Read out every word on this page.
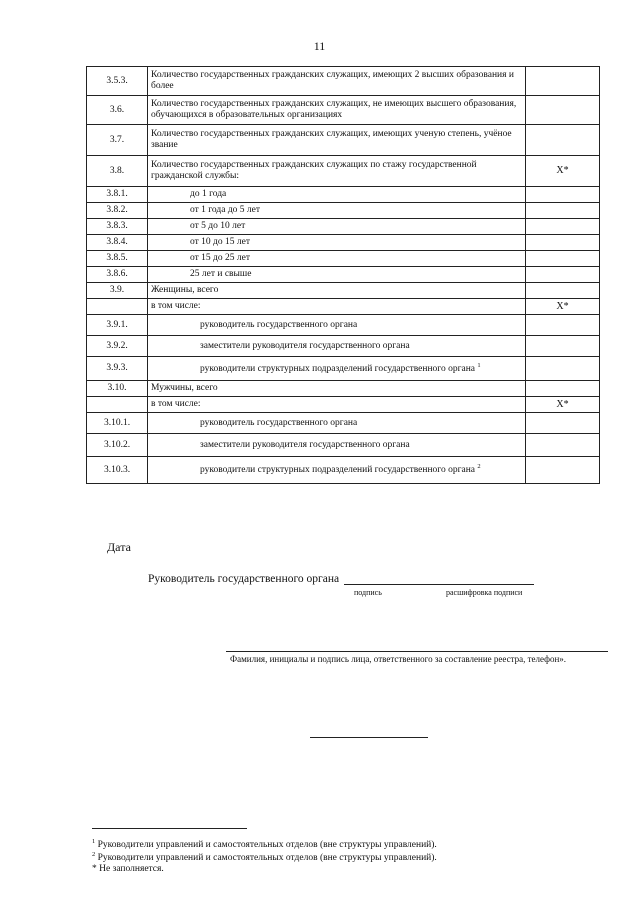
11
3.5.3.	Количество государственных гражданских служащих, имеющих 2 высших образования и более	
3.6.	Количество государственных гражданских служащих, не имеющих высшего образования, обучающихся в образовательных организациях	
3.7.	Количество государственных гражданских служащих, имеющих ученую степень, учёное звание	
3.8.	Количество государственных гражданских служащих по стажу государственной гражданской службы:	Х*
3.8.1.	до 1 года	
3.8.2.	от 1 года до 5 лет	
3.8.3.	от 5 до 10 лет	
3.8.4.	от 10 до 15 лет	
3.8.5.	от 15 до 25 лет	
3.8.6.	25 лет и свыше	
3.9.	Женщины, всего	
	в том числе:	Х*
3.9.1.	руководитель государственного органа	
3.9.2.	заместители руководителя государственного органа	
3.9.3.	руководители структурных подразделений государственного органа $^1$	
3.10.	Мужчины, всего	
	в том числе:	Х*
3.10.1.	руководитель государственного органа	
3.10.2.	заместители руководителя государственного органа	
3.10.3.	руководители структурных подразделений государственного органа $^2$	
Дата
Руководитель государственного органа
подпись	расшифровка подписи
Фамилия, инициалы и подпись лица, ответственного за составление реестра, телефон».
$^1$ Руководители управлений и самостоятельных отделов (вне структуры управлений).
$^2$ Руководители управлений и самостоятельных отделов (вне структуры управлений).
* Не заполняется.
